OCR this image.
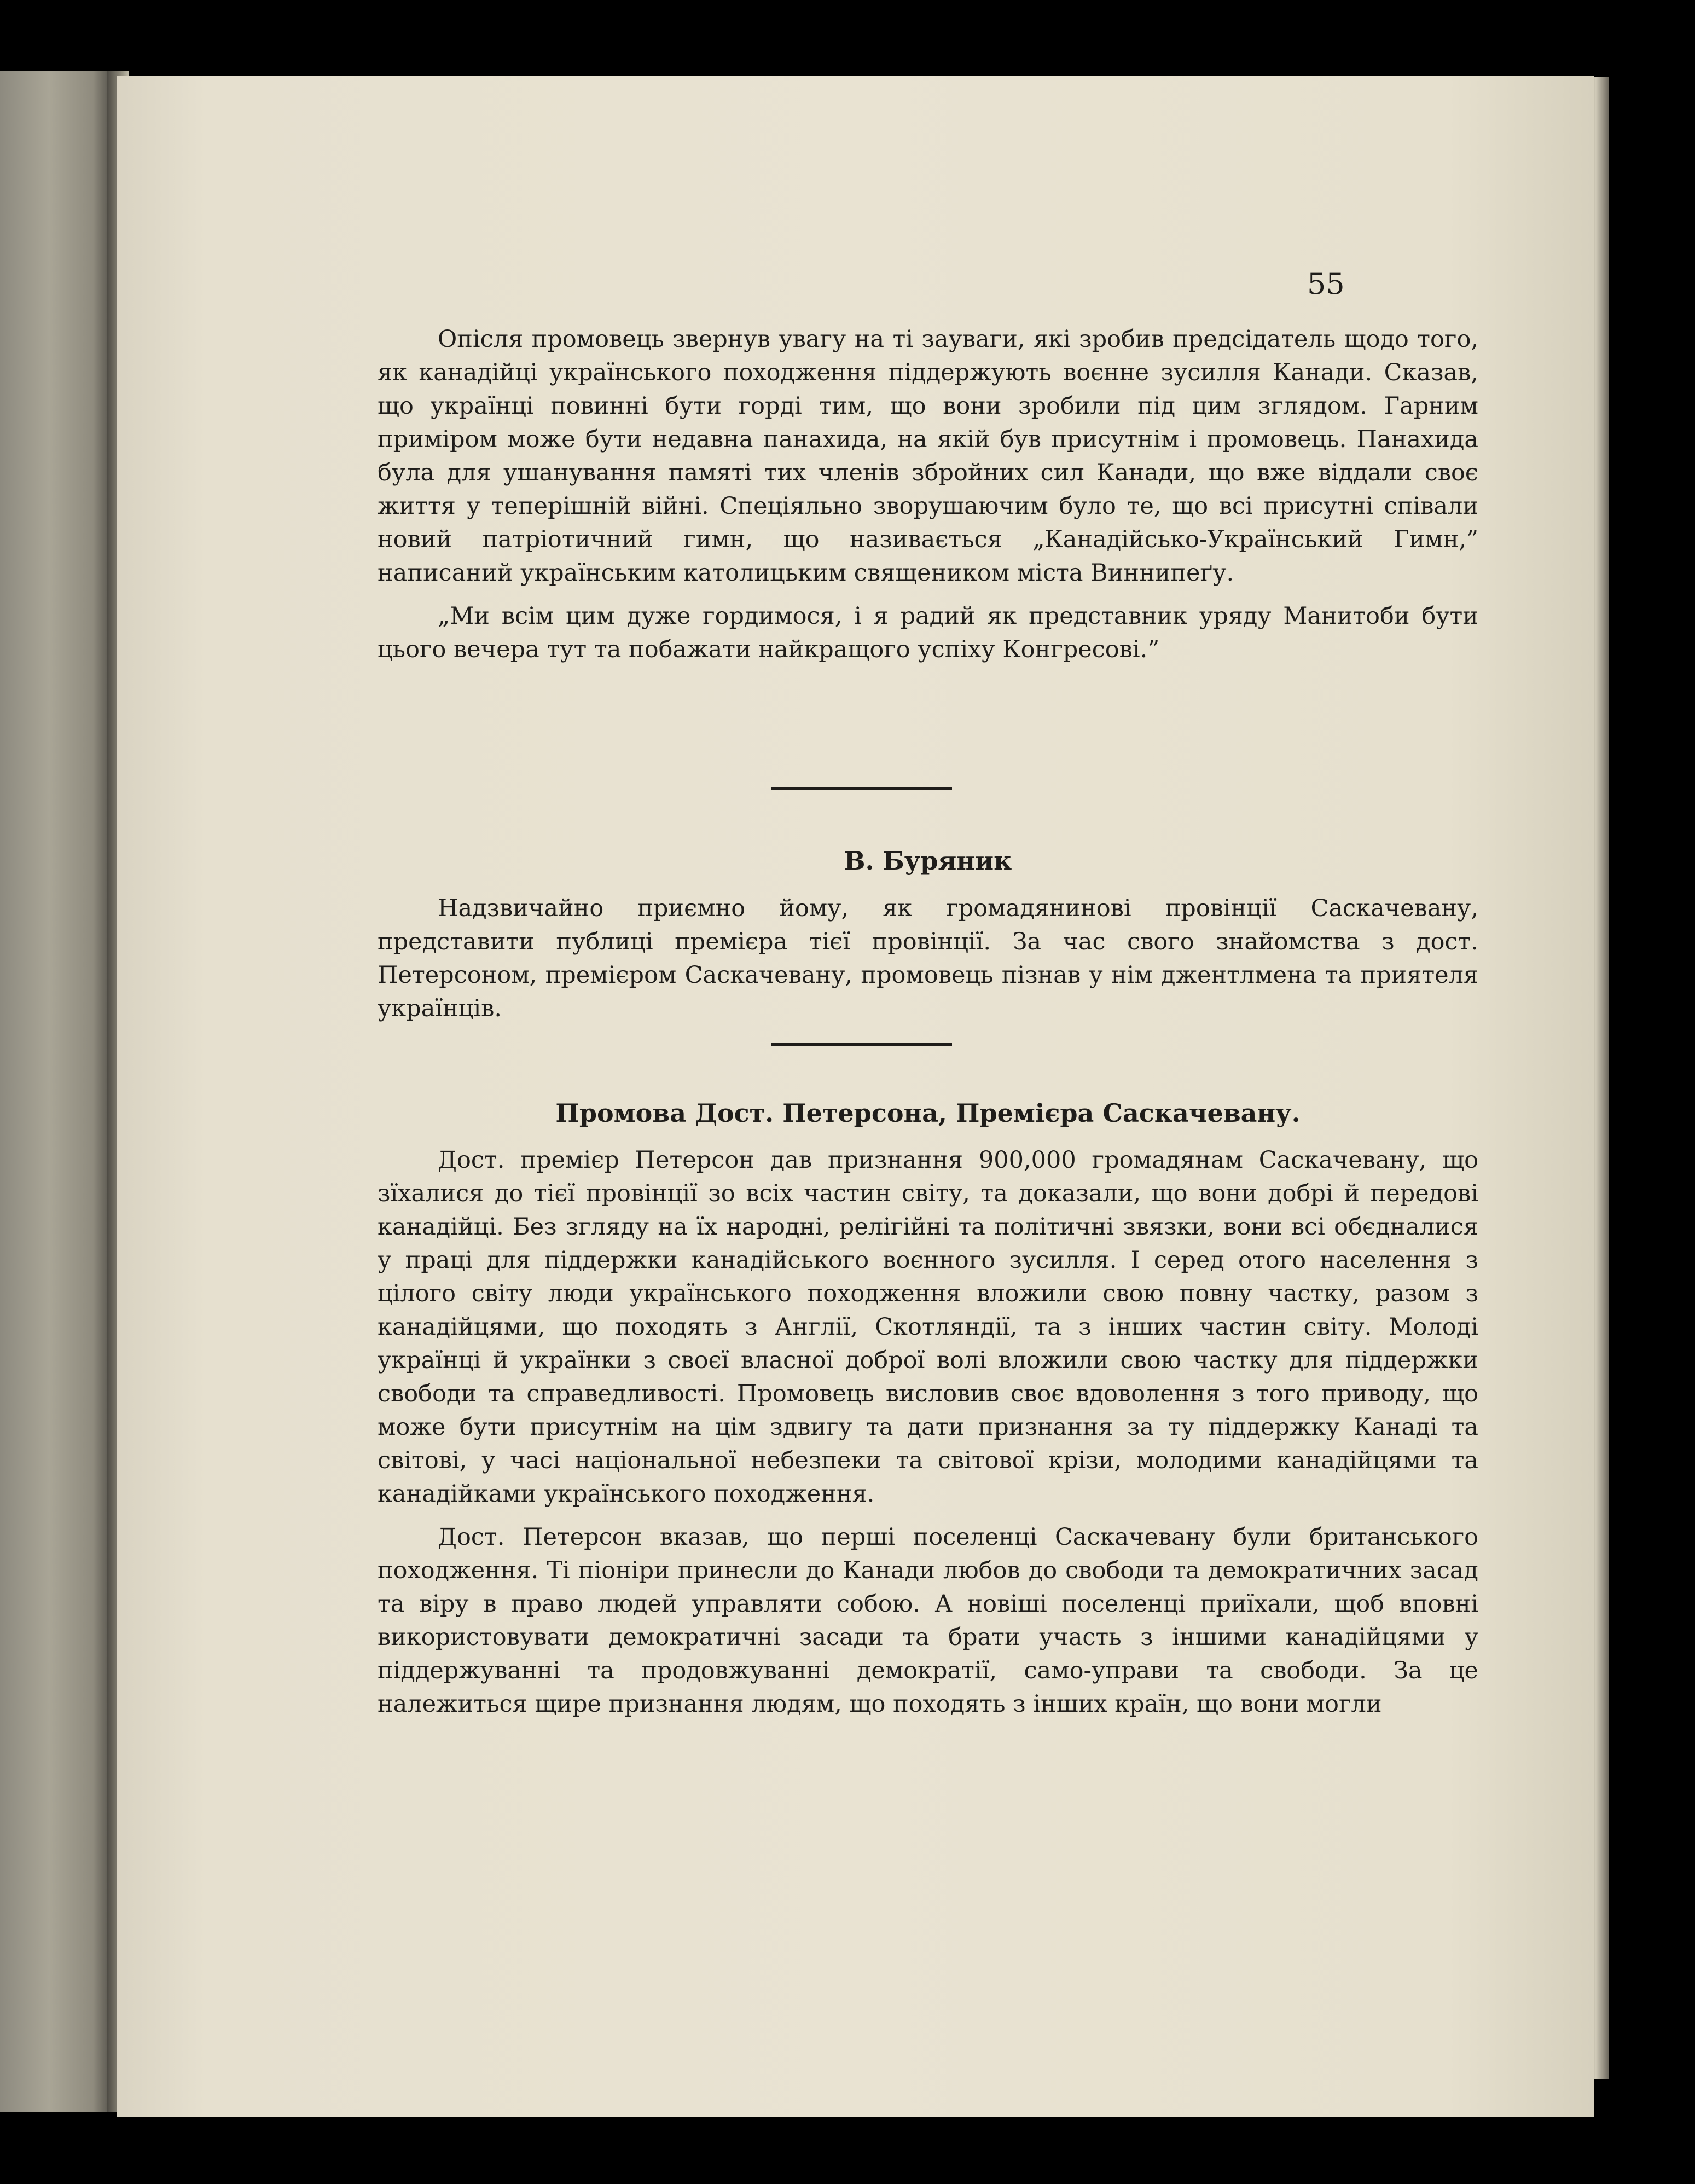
55

Опісля промовець звернув увагу на ті зауваги, які зробив предсідатель щодо того, як канадійці українського походження піддержують воєнне зусилля Канади. Сказав, що українці повинні бути горді тим, що вони зробили під цим зглядом. Гарним приміром може бути недавна панахида, на якій був присутнім і промовець. Панахида була для ушанування памяті тих членів збройних сил Канади, що вже віддали своє життя у теперішній війні. Спеціяльно зворушаючим було те, що всі присутні співали новий патріотичний гимн, що називається „Канадійсько-Український Гимн,” написаний українським католицьким священиком міста Виннипеґу.

„Ми всім цим дуже гордимося, і я радий як представник уряду Манитоби бути цього вечера тут та побажати найкращого успіху Конгресові.”

В. Буряник

Надзвичайно приємно йому, як громадянинові провінції Саскачевану, представити публиці премієра тієї провінції. За час свого знайомства з дост. Петерсоном, премієром Саскачевану, промовець пізнав у нім джентлмена та приятеля українців.

Промова Дост. Петерсона, Премієра Саскачевану.

Дост. премієр Петерсон дав признання 900,000 громадянам Саскачевану, що зїхалися до тієї провінції зо всіх частин світу, та доказали, що вони добрі й передові канадійці. Без згляду на їх народні, релігійні та політичні звязки, вони всі обєдналися у праці для піддержки канадійського воєнного зусилля. І серед отого населення з цілого світу люди українського походження вложили свою повну частку, разом з канадійцями, що походять з Англії, Скотляндії, та з інших частин світу. Молоді українці й українки з своєї власної доброї волі вложили свою частку для піддержки свободи та справедливості. Промовець висловив своє вдоволення з того приводу, що може бути присутнім на цім здвигу та дати признання за ту піддержку Канаді та світові, у часі національної небезпеки та світової крізи, молодими канадійцями та канадійками українського походження.

Дост. Петерсон вказав, що перші поселенці Саскачевану були британського походження. Ті піоніри принесли до Канади любов до свободи та демократичних засад та віру в право людей управляти собою. А новіші поселенці приїхали, щоб вповні використовувати демократичні засади та брати участь з іншими канадійцями у піддержуванні та продовжуванні демократії, само-управи та свободи. За це належиться щире признання людям, що походять з інших країн, що вони могли
